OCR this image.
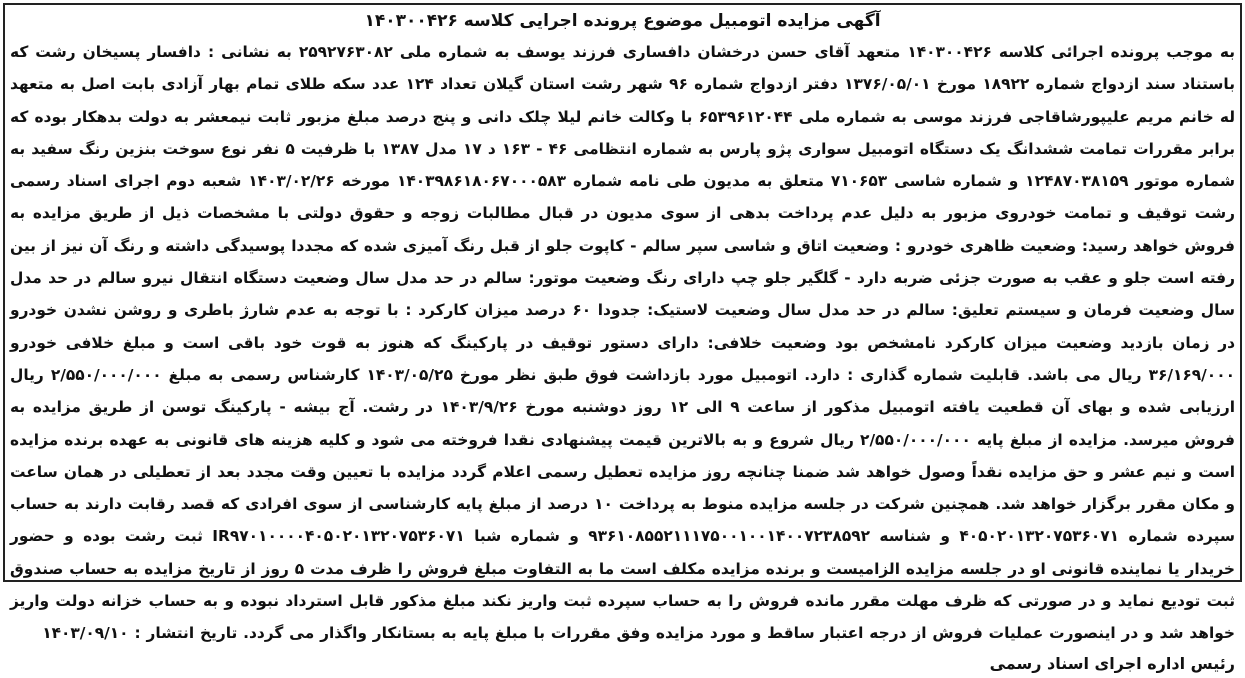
آگهی مزایده اتومبیل موضوع پرونده اجرایی کلاسه ۱۴۰۳۰۰۴۲۶

به موجب پرونده اجرائی کلاسه ۱۴۰۳۰۰۴۲۶ متعهد آقای حسن درخشان دافساری فرزند یوسف به شماره ملی ۲۵۹۲۷۶۳۰۸۲ به نشانی : دافسار پسیخان رشت که باستناد سند ازدواج شماره ۱۸۹۲۲ مورخ ۱۳۷۶/۰۵/۰۱ دفتر ازدواج شماره ۹۶ شهر رشت استان گیلان تعداد ۱۲۴ عدد سکه طلای تمام بهار آزادی بابت اصل به متعهد له خانم مریم علیپورشاقاجی فرزند موسی به شماره ملی ۶۵۳۹۶۱۲۰۴۴ با وکالت خانم لیلا چلک دانی و پنج درصد مبلغ مزبور ثابت نیمعشر به دولت بدهکار بوده که برابر مقررات تمامت ششدانگ یک دستگاه اتومبیل سواری پژو پارس به شماره انتظامی ۴۶ - ۱۶۳ د ۱۷ مدل ۱۳۸۷ با ظرفیت ۵ نفر نوع سوخت بنزین رنگ سفید به شماره موتور ۱۲۴۸۷۰۳۸۱۵۹ و شماره شاسی ۷۱۰۶۵۳ متعلق به مدیون طی نامه شماره ۱۴۰۳۹۸۶۱۸۰۶۷۰۰۰۵۸۳ مورخه ۱۴۰۳/۰۲/۲۶ شعبه دوم اجرای اسناد رسمی رشت توقیف و تمامت خودروی مزبور به دلیل عدم پرداخت بدهی از سوی مدیون در قبال مطالبات زوجه و حقوق دولتی با مشخصات ذیل از طریق مزایده به فروش خواهد رسید: وضعیت ظاهری خودرو : وضعیت اتاق و شاسی سپر سالم - کاپوت جلو از قبل رنگ آمیزی شده که مجددا پوسیدگی داشته و رنگ آن نیز از بین رفته است جلو و عقب به صورت جزئی ضربه دارد - گلگیر جلو چپ دارای رنگ وضعیت موتور: سالم در حد مدل سال وضعیت دستگاه انتقال نیرو سالم در حد مدل سال وضعیت فرمان و سیستم تعلیق: سالم در حد مدل سال وضعیت لاستیک: جدودا ۶۰ درصد میزان کارکرد : با توجه به عدم شارژ باطری و روشن نشدن خودرو در زمان بازدید وضعیت میزان کارکرد نامشخص بود وضعیت خلافی: دارای دستور توقیف در پارکینگ که هنوز به قوت خود باقی است و مبلغ خلافی خودرو ۳۶/۱۶۹/۰۰۰ ریال می باشد. قابلیت شماره گذاری : دارد. اتومبیل مورد بازداشت فوق طبق نظر مورخ ۱۴۰۳/۰۵/۲۵ کارشناس رسمی به مبلغ ۲/۵۵۰/۰۰۰/۰۰۰ ریال ارزیابی شده و بهای آن قطعیت یافته اتومبیل مذکور از ساعت ۹ الی ۱۲ روز دوشنبه مورخ ۱۴۰۳/۹/۲۶ در رشت. آج بیشه - پارکینگ توسن از طریق مزایده به فروش میرسد. مزایده از مبلغ پایه ۲/۵۵۰/۰۰۰/۰۰۰ ریال شروع و به بالاترین قیمت پیشنهادی نقدا فروخته می شود و کلیه هزینه های قانونی به عهده برنده مزایده است و نیم عشر و حق مزایده نقداً وصول خواهد شد ضمنا چنانچه روز مزایده تعطیل رسمی اعلام گردد مزایده با تعیین وقت مجدد بعد از تعطیلی در همان ساعت و مکان مقرر برگزار خواهد شد. همچنین شرکت در جلسه مزایده منوط به پرداخت ۱۰ درصد از مبلغ پایه کارشناسی از سوی افرادی که قصد رقابت دارند به حساب سپرده شماره ۴۰۵۰۲۰۱۳۲۰۷۵۳۶۰۷۱ و شناسه ۹۳۶۱۰۸۵۵۲۱۱۱۷۵۰۰۱۰۰۱۴۰۰۷۲۳۸۵۹۲ و شماره شبا IR۹۷۰۱۰۰۰۰۴۰۵۰۲۰۱۳۲۰۷۵۳۶۰۷۱ ثبت رشت بوده و حضور خریدار یا نماینده قانونی او در جلسه مزایده الزامیست و برنده مزایده مکلف است ما به التفاوت مبلغ فروش را ظرف مدت ۵ روز از تاریخ مزایده به حساب صندوق ثبت تودیع نماید و در صورتی که ظرف مهلت مقرر مانده فروش را به حساب سپرده ثبت واریز نکند مبلغ مذکور قابل استرداد نبوده و به حساب خزانه دولت واریز خواهد شد و در اینصورت عملیات فروش از درجه اعتبار ساقط و مورد مزایده وفق مقررات با مبلغ پایه به بستانکار واگذار می گردد. تاریخ انتشار : ۱۴۰۳/۰۹/۱۰

رئیس اداره اجرای اسناد رسمی
